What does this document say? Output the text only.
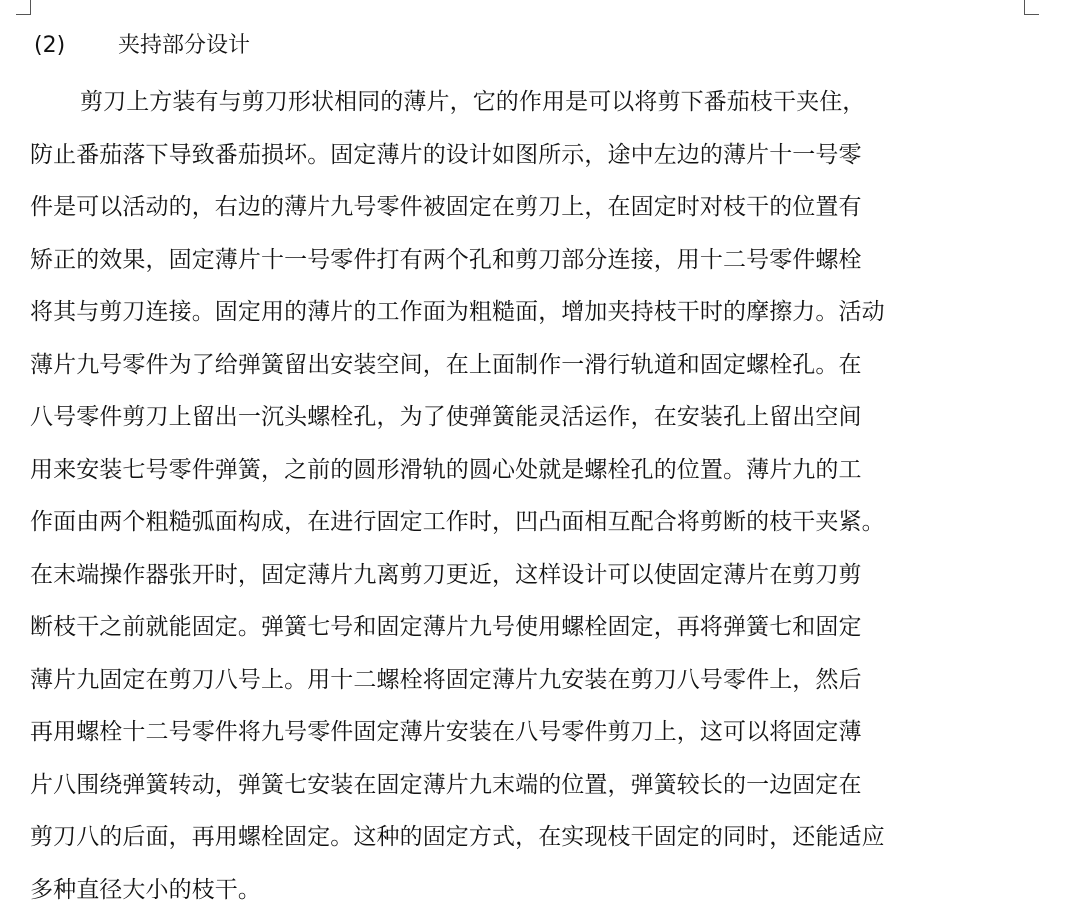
(2) 夹持部分设计
剪刀上方装有与剪刀形状相同的薄片，它的作用是可以将剪下番茄枝干夹住，
防止番茄落下导致番茄损坏。固定薄片的设计如图所示，途中左边的薄片十一号零
件是可以活动的，右边的薄片九号零件被固定在剪刀上，在固定时对枝干的位置有
矫正的效果，固定薄片十一号零件打有两个孔和剪刀部分连接，用十二号零件螺栓
将其与剪刀连接。固定用的薄片的工作面为粗糙面，增加夹持枝干时的摩擦力。活动
薄片九号零件为了给弹簧留出安装空间，在上面制作一滑行轨道和固定螺栓孔。在
八号零件剪刀上留出一沉头螺栓孔，为了使弹簧能灵活运作，在安装孔上留出空间
用来安装七号零件弹簧，之前的圆形滑轨的圆心处就是螺栓孔的位置。薄片九的工
作面由两个粗糙弧面构成，在进行固定工作时，凹凸面相互配合将剪断的枝干夹紧。
在末端操作器张开时，固定薄片九离剪刀更近，这样设计可以使固定薄片在剪刀剪
断枝干之前就能固定。弹簧七号和固定薄片九号使用螺栓固定，再将弹簧七和固定
薄片九固定在剪刀八号上。用十二螺栓将固定薄片九安装在剪刀八号零件上，然后
再用螺栓十二号零件将九号零件固定薄片安装在八号零件剪刀上，这可以将固定薄
片八围绕弹簧转动，弹簧七安装在固定薄片九末端的位置，弹簧较长的一边固定在
剪刀八的后面，再用螺栓固定。这种的固定方式，在实现枝干固定的同时，还能适应
多种直径大小的枝干。
